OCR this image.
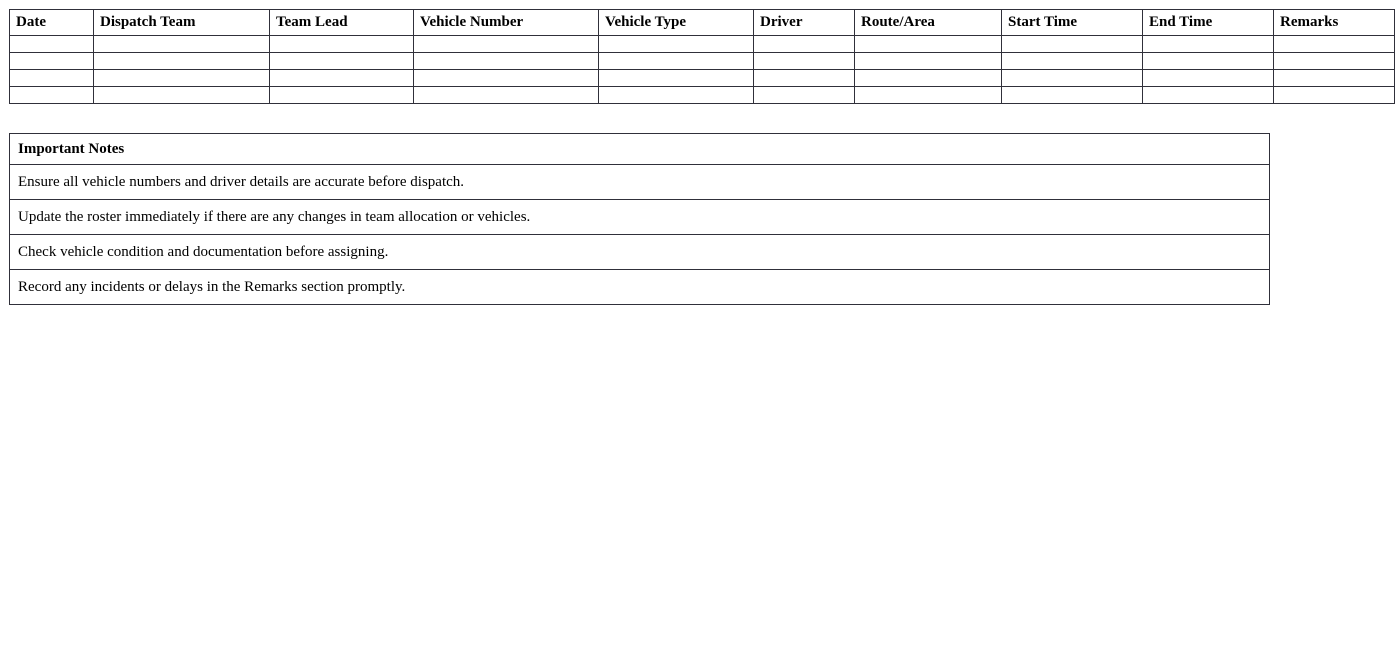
Date	Dispatch Team	Team Lead	Vehicle Number	Vehicle Type	Driver	Route/Area	Start Time	End Time	Remarks

Important Notes
Ensure all vehicle numbers and driver details are accurate before dispatch.
Update the roster immediately if there are any changes in team allocation or vehicles.
Check vehicle condition and documentation before assigning.
Record any incidents or delays in the Remarks section promptly.
